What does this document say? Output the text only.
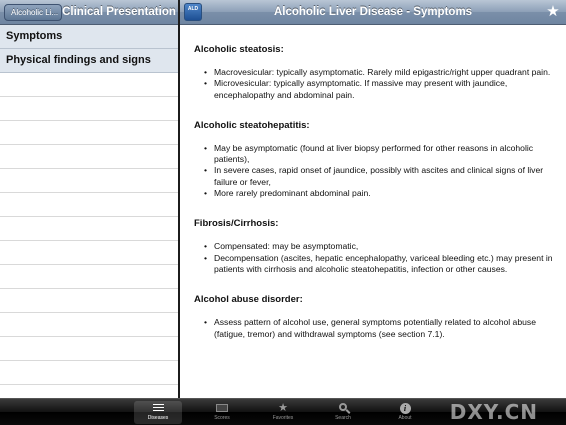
Alcoholic Li... Clinical Presentation
Symptoms
Physical findings and signs
ALD	Alcoholic Liver Disease - Symptoms	★
Alcoholic steatosis:
• Macrovesicular: typically asymptomatic. Rarely mild epigastric/right upper quadrant pain.
• Microvesicular: typically asymptomatic. If massive may present with jaundice, encephalopathy and abdominal pain.
Alcoholic steatohepatitis:
• May be asymptomatic (found at liver biopsy performed for other reasons in alcoholic patients),
• In severe cases, rapid onset of jaundice, possibly with ascites and clinical signs of liver failure or fever,
• More rarely predominant abdominal pain.
Fibrosis/Cirrhosis:
• Compensated: may be asymptomatic,
• Decompensation (ascites, hepatic encephalopathy, variceal bleeding etc.) may present in patients with cirrhosis and alcoholic steatohepatitis, infection or other causes.
Alcohol abuse disorder:
• Assess pattern of alcohol use, general symptoms potentially related to alcohol abuse (fatigue, tremor) and withdrawal symptoms (see section 7.1).
Diseases	Scores
★
Favorites	Search
i
About	DXY.CN
